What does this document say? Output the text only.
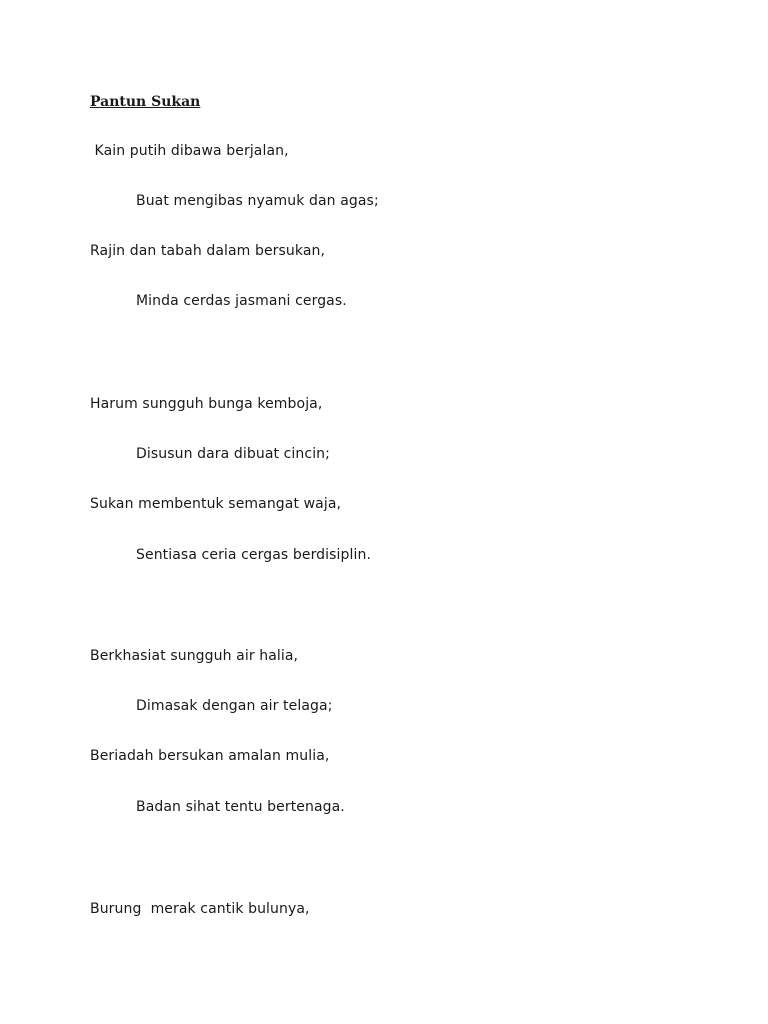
Pantun Sukan
Kain putih dibawa berjalan,
Buat mengibas nyamuk dan agas;
Rajin dan tabah dalam bersukan,
Minda cerdas jasmani cergas.
Harum sungguh bunga kemboja,
Disusun dara dibuat cincin;
Sukan membentuk semangat waja,
Sentiasa ceria cergas berdisiplin.
Berkhasiat sungguh air halia,
Dimasak dengan air telaga;
Beriadah bersukan amalan mulia,
Badan sihat tentu bertenaga.
Burung  merak cantik bulunya,
